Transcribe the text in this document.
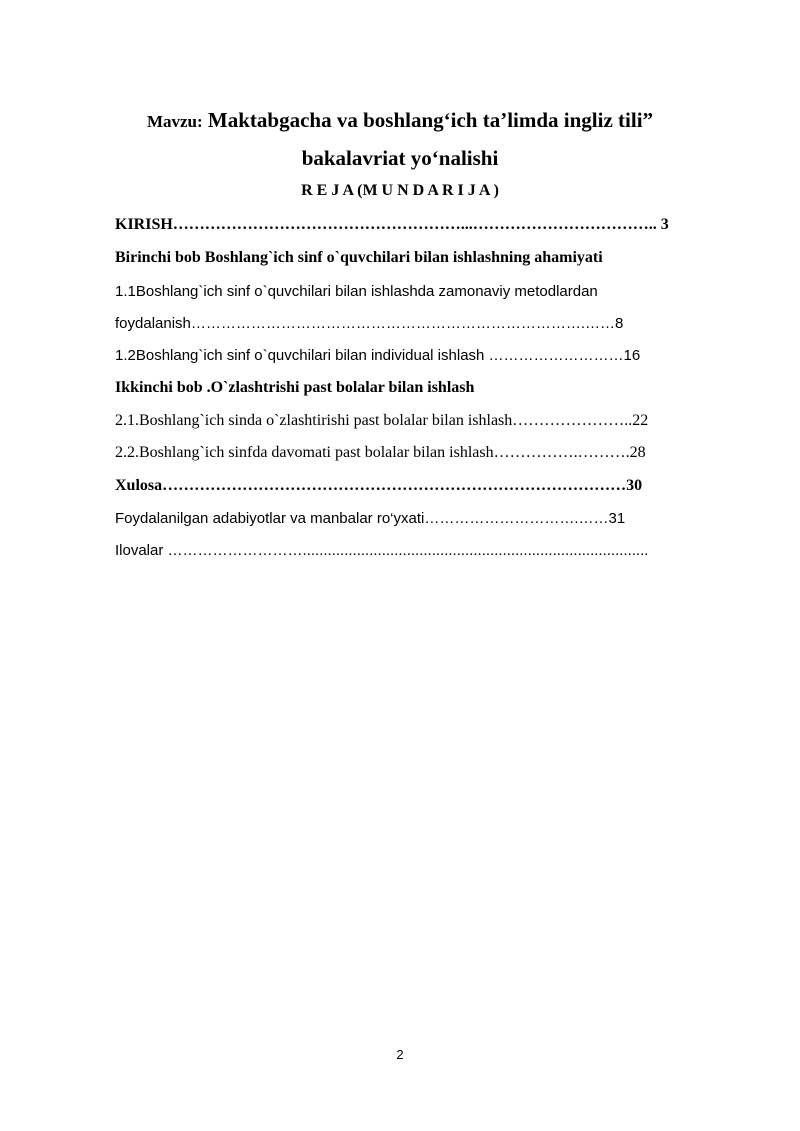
Mavzu: Maktabgacha va boshlang‘ich ta’limda ingliz tili”
bakalavriat yo‘nalishi
R E J A (M U N D A R I J A )
KIRISH………………………………………………...…………………………….. 3
Birinchi bob Boshlang`ich sinf o`quvchilari bilan ishlashning ahamiyati
1.1Boshlang`ich sinf o`quvchilari bilan ishlashda zamonaviy metodlardan
foydalanish…………………………………………………………………….……8
1.2Boshlang`ich sinf o`quvchilari bilan individual ishlash ………………………16
Ikkinchi bob .O`zlashtrishi past bolalar bilan ishlash
2.1.Boshlang`ich sinda o`zlashtirishi past bolalar bilan ishlash…………………..22
2.2.Boshlang`ich sinfda davomati past bolalar bilan ishlash…………….……….28
Xulosa……………………………………………………………………………30
Foydalanilgan adabiyotlar va manbalar ro‘yxati………………………….……31
Ilovalar ………………………...................................................................................
2
